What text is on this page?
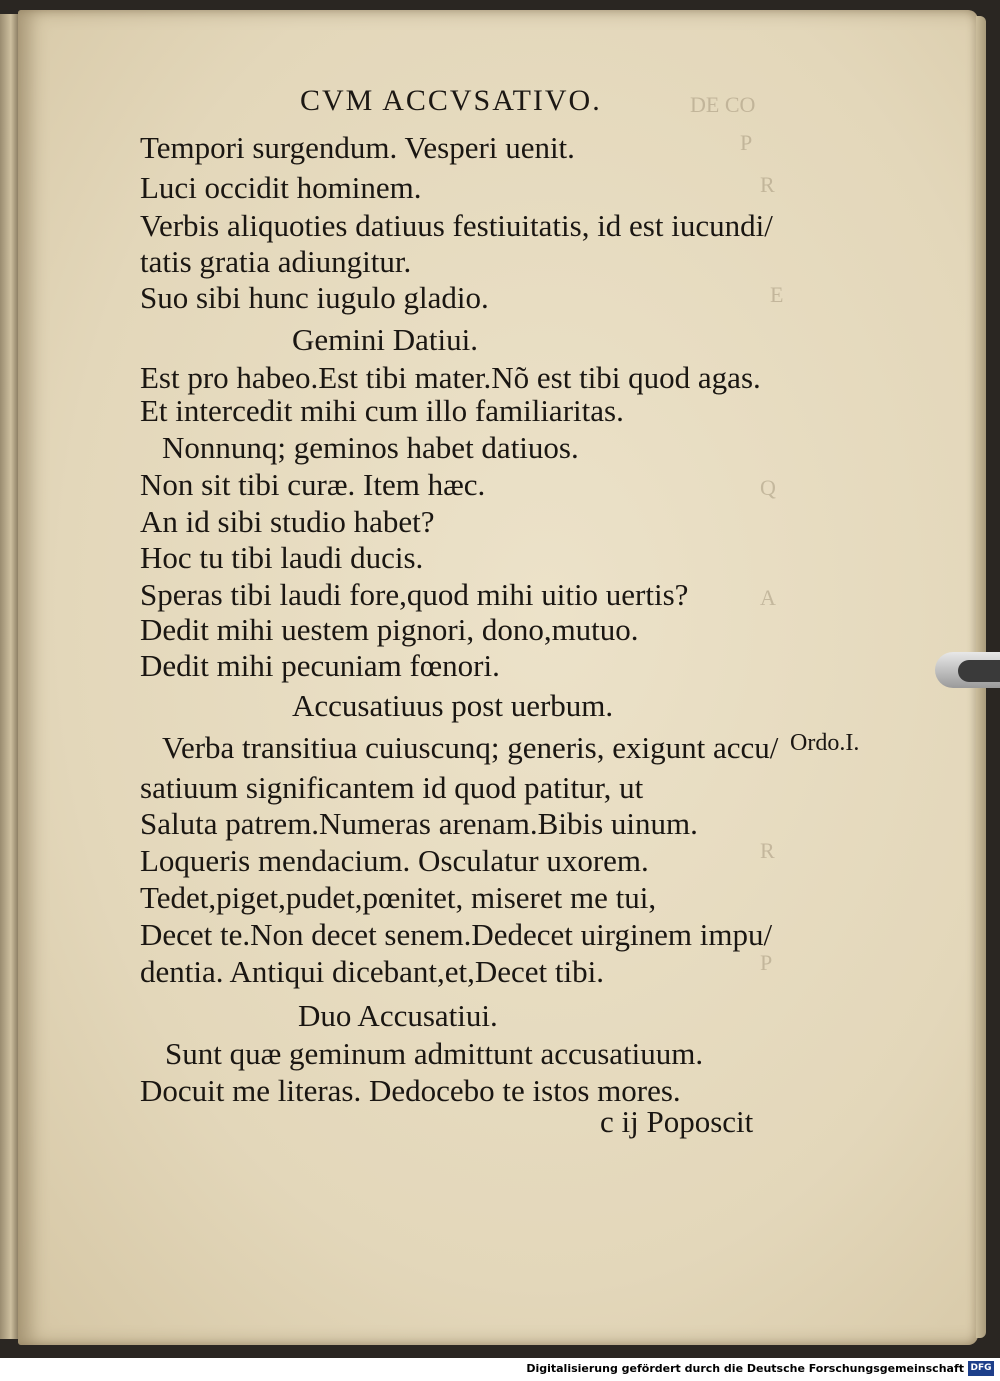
DE CO
P
R
E
Q
A
R
P
CVM ACCVSATIVO.
Tempori surgendum. Vesperi uenit.
Luci occidit hominem.
Verbis aliquoties datiuus festiuitatis, id est iucundi/
tatis gratia adiungitur.
Suo sibi hunc iugulo gladio.
Gemini Datiui.
Est pro habeo.Est tibi mater.Nõ est tibi quod agas.
Et intercedit mihi cum illo familiaritas.
Nonnunq; geminos habet datiuos.
Non sit tibi curæ. Item hæc.
An id sibi studio habet?
Hoc tu tibi laudi ducis.
Speras tibi laudi fore,quod mihi uitio uertis?
Dedit mihi uestem pignori, dono,mutuo.
Dedit mihi pecuniam fœnori.
Accusatiuus post uerbum.
Verba transitiua cuiuscunq; generis, exigunt accu/
satiuum significantem id quod patitur, ut
Saluta patrem.Numeras arenam.Bibis uinum.
Loqueris mendacium. Osculatur uxorem.
Tedet,piget,pudet,pœnitet, miseret me tui,
Decet te.Non decet senem.Dedecet uirginem impu/
dentia. Antiqui dicebant,et,Decet tibi.
Duo Accusatiui.
Sunt quæ geminum admittunt accusatiuum.
Docuit me literas. Dedocebo te istos mores.
Ordo.I.
c ij Poposcit
Digitalisierung gefördert durch die Deutsche Forschungsgemeinschaft DFG
